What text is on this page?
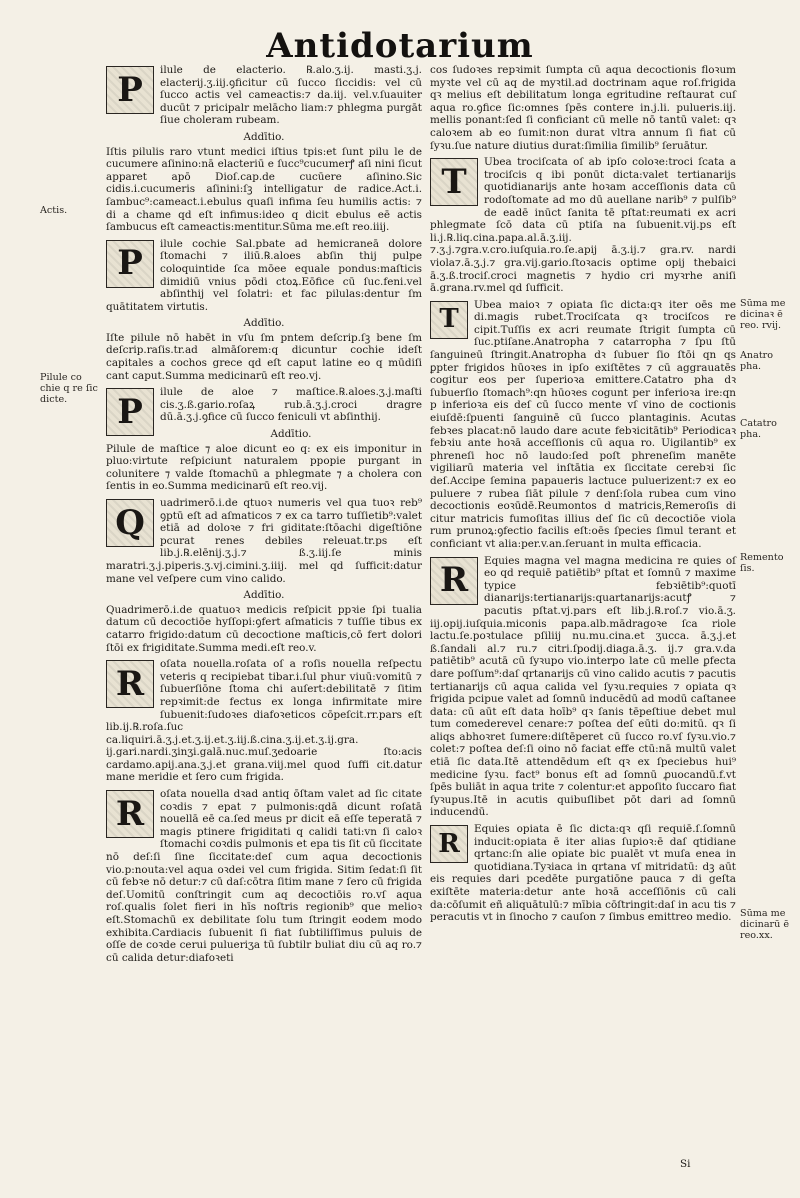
Antidotarium

P	ilule de elacterio. ℞.alo.ʒ.ij. masti.ʒ.j. elacterij.ʒ.iij.ꝯficitur cū ſucco ſiccidis: vel cū ſucco actis vel cameactis:⁊ da.iij. vel.v.ſuauiter ducūt ⁊ pricipalr melācho liam:⁊ phlegma purgāt ſiue choleram rubeam.

Addītio.

Iſtis pilulis raro vtunt medici iſtius tpis:et ſunt pilu le de cucumere aſinino:nā elacteriū e ſucc⁹cucumerꝭ aſi nini ſicut apparet apō Dioſ.cap.de cucūere aſinino.Sic cidis.i.cucumeris aſinini:ſꝫ intelligatur de radice.Act.i. ſambuc⁹:cameact.i.ebulus quaſi infima ſeu humilis actis: ⁊ di a chame qd eſt infimus:ideo q dicit ebulus eē actis ſambucus eſt cameactis:mentitur.Sūma me.eſt reo.iiij.

P	ilule cochie Sal.pbate ad hemicraneā dolore ſtomachi ⁊ iliū.℞.aloes abſin thij pulpe coloquintide ſca mōee equale pondus:maſticis dimidiū vnius pōdi ctoꝝ.Eōfice cū ſuc.feni.vel abſinthij vel ſolatri: et fac pilulas:dentur ſm quātitatem virtutis.

Addītio.

Iſte pilule nō habēt in vſu ſm pntem deſcrip.ſꝫ bene ſm deſcrip.raſis.tr.ad almāſorem:q dicuntur cochie ideſt capitales a cochos grece qd eſt caput latine eo q mūdiſi cant caput.Summa medicinarū eſt reo.vj.

P	ilule de aloe ⁊ maſtice.℞.aloes.ʒ.j.maſti cis.ʒ.ß.gario.roſaꝝ rub.ā.ʒ.j.croci dragre dū.ā.ʒ.j.ꝯfice cū ſucco feniculi vt abſinthij.

Addītio.

Pilule de maſtice ⁊ aloe dicunt eo q: ex eis imponitur in pluo:virtute reſpiciunt naturalem ppopie purgant in colunitere ⁊ valde ſtomachū a phlegmate ⁊ a cholera con ſentis in eo.Summa medicinarū eſt reo.vij.

Q	uadrimerō.i.de qtuoꝛ numeris vel qua tuoꝛ reb⁹ ꝯptū eſt ad aſmaticos ⁊ ex ca tarro tuſſietib⁹:valet etiā ad doloꝛe ⁊ fri giditate:ſtōachi digeſtiōne pcurat renes debiles releuat.tr.ps eſt lib.j.℞.elēnij.ʒ.j.⁊ ß.ʒ.iij.ſe minis maratri.ʒ.j.piperis.ʒ.vj.cimini.ʒ.iiij. mel qd ſufficit:datur mane vel veſpere cum vino calido.

Addītio.

Quadrimerō.i.de quatuoꝛ medicis reſpicit ppꝛie ſpi tualia datum cū decoctiōe hyſſopi:ꝯfert aſmaticis ⁊ tuſſie tibus ex catarro frigido:datum cū decoctione maſticis,cō fert dolori ſtōi ex frigiditate.Summa medi.eſt reo.v.

R	oſata nouella.roſata oſ a roſis nouella reſpectu veteris q recipiebat tibar.i.ſul phur viuū:vomitū ⁊ ſubuerſiōne ſtoma chi auſert:debilitatē ⁊ ſitim repꝛimit:de fectus ex longa infirmitate mire ſubuenit:ſudoꝛes diafoꝛeticos cōpeſcit.rr.pars eſt lib.ij.℞.roſa.ſuc ca.liquiri.ā.ʒ.j.et.ʒ.ij.et.ʒ.iij.ß.cina.ʒ.ij.et.ʒ.ij.gra. ij.gari.nardi.ʒinʒi.galā.nuc.muſ.ʒedoarie ſto:acis cardamo.apij.ana.ʒ.j.et grana.viij.mel quod ſuffi cit.datur mane meridie et ſero cum frigida.

R	oſata nouella dꝛad antiq ōſtam valet ad ſic citate coꝛdis ⁊ epat ⁊ pulmonis:qdā dicunt roſatā nouellā eē ca.ſed meus pr dicit eā eſſe teperatā ⁊ magis ptinere frigiditati q calidi tati:vn ſi caloꝛ ſtomachi coꝛdis pulmonis et epa tis ſit cū ſiccitate nō deſ:ſi ſine ſiccitate:deſ cum aqua decoctionis vio.p:nouta:vel aqua oꝛdei vel cum frigida. Sitim ſedat:ſi ſit cū febꝛe nō detur:⁊ cū daſ:cōtra ſitim mane ⁊ ſero cū frigida deſ.Uomitū conſtringit cum aq decoctiōis ro.vſ aqua roſ.qualis ſolet fieri in hīs noſtris regionib⁹ que melioꝛ eſt.Stomachū ex debilitate ſolu tum ſtringit eodem modo exhibita.Cardiacis ſubuenit ſi fiat ſubtiliſſimus puluis de oſſe de coꝛde cerui pulueriʒa tū ſubtilr buliat diu cū aq ro.⁊ cū calida detur:diafoꝛeti

cos ſudoꝛes repꝛimit ſumpta cū aqua decoctionis floꝛum myꝛte vel cū aq de myꝛtil.ad doctrinam aque roſ.frigida qꝛ melius eſt debilitatum longa egritudine reſtaurat cuſ aqua ro.ꝯfice ſic:omnes ſpēs contere in.j.li. pulueris.iij. mellis ponant:ſed ſi conficiant cū melle nō tantū valet: qꝛ caloꝛem ab eo ſumit:non durat vltra annum ſi fiat cū ſyꝛu.ſue nature diutius durat:ſimilia ſimilib⁹ ſeruātur.

T	Ubea trociſcata oſ ab ipſo coloꝛe:troci ſcata a trociſcis q ibi ponūt dicta:valet tertianarijs quotidianarijs ante hoꝛam acceſſionis data cū rodoſtomate ad mo dū auellane narib⁹ ⁊ pulſib⁹ de eadē inūct ſanita tē pſtat:reumati ex acri phlegmate ſcō data cū ptiſa na ſubuenit.vij.ps eſt li.j.℞.liq.cina.papa.al.ā.ʒ.iij. ⁊.ʒ.j.⁊gra.v.cro.iuſquia.ro.ſe.apij ā.ʒ.ij.⁊ gra.rv. nardi viola⁊.ā.ʒ.j.⁊ gra.vij.gario.ſtoꝛacis optime opij thebaici ā.ʒ.ß.trociſ.croci magnetis ⁊ hydio cri myꝛrhe aniſi ā.grana.rv.mel qd ſufficit.

T	Ubea maioꝛ ⁊ opiata ſic dicta:qꝛ iter oēs me di.magis rubet.Trociſcata qꝛ trociſcos re cipit.Tuſſis ex acri reumate ſtrigit ſumpta cū ſuc.ptiſane.Anatropha ⁊ catarropha ⁊ ſpu ſtū ſanguineū ſtringit.Anatropha dꝛ ſubuer ſio ſtōi qn qs ꝑpter frigidos hūoꝛes in ipſo exiſtētes ⁊ cū aggrauatēs cogitur eos per ſuperioꝛa emittere.Catatro pha dꝛ ſubuerſio ſtomach⁹:qn hūoꝛes cogunt per inferioꝛa ire:qn p inferioꝛa eis deſ cū ſucco mente vſ vino de coctionis eiuſdē:ſpuenti ſanguinē cū ſucco plantaginis. Acutas febꝛes placat:nō laudo dare acute febꝛicitātib⁹ Periodicaꝛ febꝛiu ante hoꝛā acceſſionis cū aqua ro. Uigilantib⁹ ex phreneſi hoc nō laudo:ſed poſt phreneſim manēte vigiliarū materia vel inſtātia ex ſiccitate cerebꝛi ſic deſ.Accipe ſemina papaueris lactuce puluerizent:⁊ ex eo puluere ⁊ rubea ſiāt pilule ⁊ denſ:ſola rubea cum vino decoctionis eoꝛūdē.Reumontos d matricis,Remeroſis di citur matricis fumoſitas illius deſ ſic cū decoctiōe viola rum prunoꝝ:ꝯfectio facilis eſt:oēs ſpecies ſimul terant et conficiant vt alia:per.v.an.ſeruant in multa efficacia.

R	Equies magna vel magna medicina re quies oſ eo qd requiē patiētib⁹ pſtat et ſomnū ⁊ maxime typice febꝛiētib⁹:quotī dianarijs:tertianarijs:quartanarijs:acutꝭ ⁊ pacutis pſtat.vj.pars eſt lib.j.℞.roſ.⁊ vio.ā.ʒ. iij.opij.iuſquia.miconis papa.alb.mādragoꝛe ſca riole lactu.ſe.poꝛtulace pſiliij nu.mu.cina.et ʒucca. ā.ʒ.j.et ß.ſandali al.⁊ ru.⁊ citri.ſpodij.diaga.ā.ʒ. ij.⁊ gra.v.da patiētib⁹ acutā cū ſyꝛupo vio.interpo late cū melle ꝑfecta dare poſſum⁹:daſ qrtanarijs cū vino calido acutis ⁊ pacutis tertianarijs cū aqua calida vel ſyꝛu.requies ⁊ opiata qꝛ frigida pcipue valet ad ſomnū inducēdū ad modū caſtanee data: cū aūt eſt data hoīb⁹ qꝛ ſanis tēpeſtiue debet mul tum comederevel cenare:⁊ poſtea deſ eūti do:mitū. qꝛ ſi aliqs abhoꝛret ſumere:diſtēperet cū ſucco ro.vſ ſyꝛu.vio.⁊ colet:⁊ poſtea deſ:ſi oino nō faciat effe ctū:nā multū valet etiā ſic data.Itē attendēdum eſt qꝛ ex ſpeciebus hui⁹ medicine ſyꝛu. fact⁹ bonus eſt ad ſomnū ꝓuocandū.f.vt ſpēs buliāt in aqua trite ⁊ colentur:et appoſito ſuccaro fiat ſyꝛupus.Itē in acutis quibuſlibet pōt dari ad ſomnū inducendū.

R	Equies opiata ē ſic dicta:qꝛ qſi requiē.ſ.ſomnū inducit:opiata ē iter alias ſupioꝛ:ē daſ qtidiane qrtanc:ſn alie opiate bic pualēt vt muſa enea in quotidiana.Tyꝛiaca in qrtana vſ mitridatū: dꝫ aūt eis requies dari pcedēte purgatiōne pauca ⁊ di geſta exiſtēte materia:detur ante hoꝛā acceſſiōnis cū cali da:cōſumit eñ aliquātulū:⁊ mībia cōſtringit:daſ in acu tis ⁊ peracutis vt in ſinocho ⁊ cauſon ⁊ ſimbus emittreo medio.

Actis.
Pilule co chie q re ſic dicte.
Sūma me dicinaꝛ ē reo. rvij.
Anatro pha.
Catatro pha.
Remento ſis.
Sūma me dicinarū ē reo.xx.
Si
